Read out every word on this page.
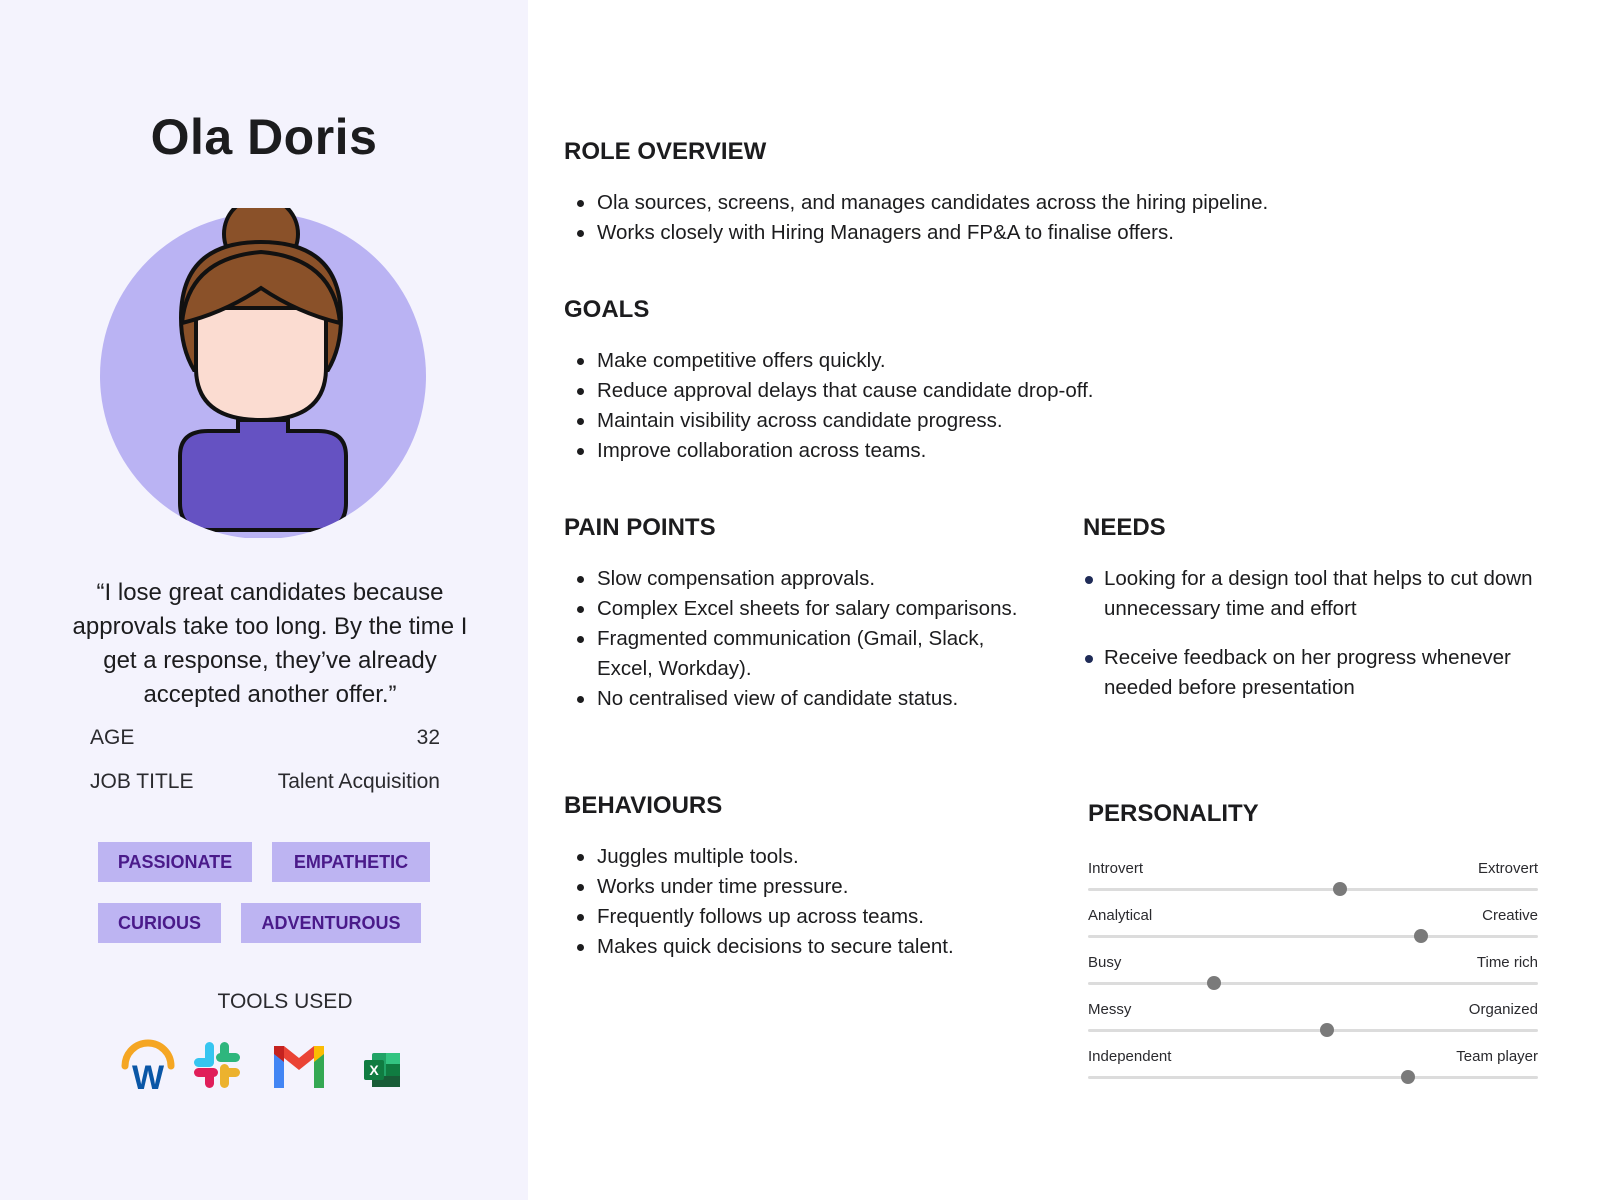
Ola Doris
“I lose great candidates because approvals take too long. By the time I get a response, they’ve already accepted another offer.”
AGE	32
JOB TITLE	Talent Acquisition
PASSIONATE	EMPATHETIC
CURIOUS	ADVENTUROUS
TOOLS USED
W	X
ROLE OVERVIEW
Ola sources, screens, and manages candidates across the hiring pipeline.
Works closely with Hiring Managers and FP&A to finalise offers.
GOALS
Make competitive offers quickly.
Reduce approval delays that cause candidate drop-off.
Maintain visibility across candidate progress.
Improve collaboration across teams.
PAIN POINTS
Slow compensation approvals.
Complex Excel sheets for salary comparisons.
Fragmented communication (Gmail, Slack, Excel, Workday).
No centralised view of candidate status.
NEEDS
Looking for a design tool that helps to cut down unnecessary time and effort
Receive feedback on her progress whenever needed before presentation
BEHAVIOURS
Juggles multiple tools.
Works under time pressure.
Frequently follows up across teams.
Makes quick decisions to secure talent.
PERSONALITY
Introvert	Extrovert
Analytical	Creative
Busy	Time rich
Messy	Organized
Independent	Team player
